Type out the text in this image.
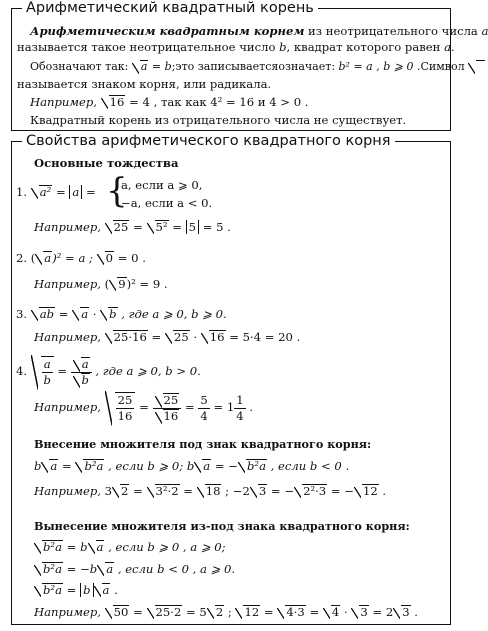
Арифметический квадратный корень
Арифметическим квадратным корнем из неотрицательного числа a
называется такое неотрицательное число b, квадрат которого равен a.
Обозначают так: a = b;это записываетсяозначает: b² = a , b ⩾ 0 .Символ
называется знаком корня, или радикала.
Например, 16 = 4 , так как 4² = 16 и 4 > 0 .
Квадратный корень из отрицательного числа не существует.
Свойства арифметического квадратного корня
Основные тождества
1. a² = a = {
a, если a ⩾ 0,
−a, если a < 0.
Например, 25 = 5² = 5 = 5 .
2. ( a)² = a ; 0 = 0 .
Например, ( 9)² = 9 .
3. ab = a · b , где a ⩾ 0, b ⩾ 0.
Например, 25·16 = 25 · 16 = 5·4 = 20 .
4. $\frac{a}{b} = \frac{a}{b}$ , где a ⩾ 0, b > 0.
Например, $\frac{25}{16} = \frac{25}{16} = \frac{5}{4} = 1 \frac{1}{4}$ .
Внесение множителя под знак квадратного корня:
b a = b²a , если b ⩾ 0; b a = − b²a , если b < 0 .
Например, 3 2 = 3²·2 = 18 ; −2 3 = − 2²·3 = − 12 .
Вынесение множителя из-под знака квадратного корня:
b²a = b a , если b ⩾ 0 , a ⩾ 0;
b²a = −b a , если b < 0 , a ⩾ 0.
b²a = b a .
Например, 50 = 25·2 = 5 2 ; 12 = 4·3 = 4 · 3 = 2 3 .
